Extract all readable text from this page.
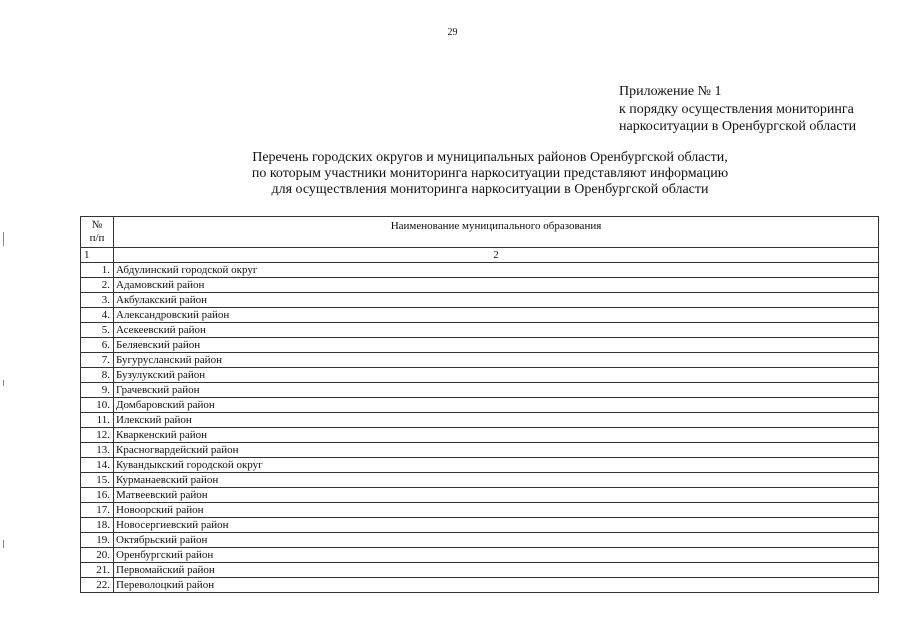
29
Приложение № 1
к порядку осуществления мониторинга
наркоситуации в Оренбургской области
Перечень городских округов и муниципальных районов Оренбургской области,
по которым участники мониторинга наркоситуации представляют информацию
для осуществления мониторинга наркоситуации в Оренбургской области
№
п/п	Наименование муниципального образования
1	2
1.	Абдулинский городской округ
2.	Адамовский район
3.	Акбулакский район
4.	Александровский район
5.	Асекеевский район
6.	Беляевский район
7.	Бугурусланский район
8.	Бузулукский район
9.	Грачевский район
10.	Домбаровский район
11.	Илекский район
12.	Кваркенский район
13.	Красногвардейский район
14.	Кувандыкский городской округ
15.	Курманаевский район
16.	Матвеевский район
17.	Новоорский район
18.	Новосергиевский район
19.	Октябрьский район
20.	Оренбургский район
21.	Первомайский район
22.	Переволоцкий район
